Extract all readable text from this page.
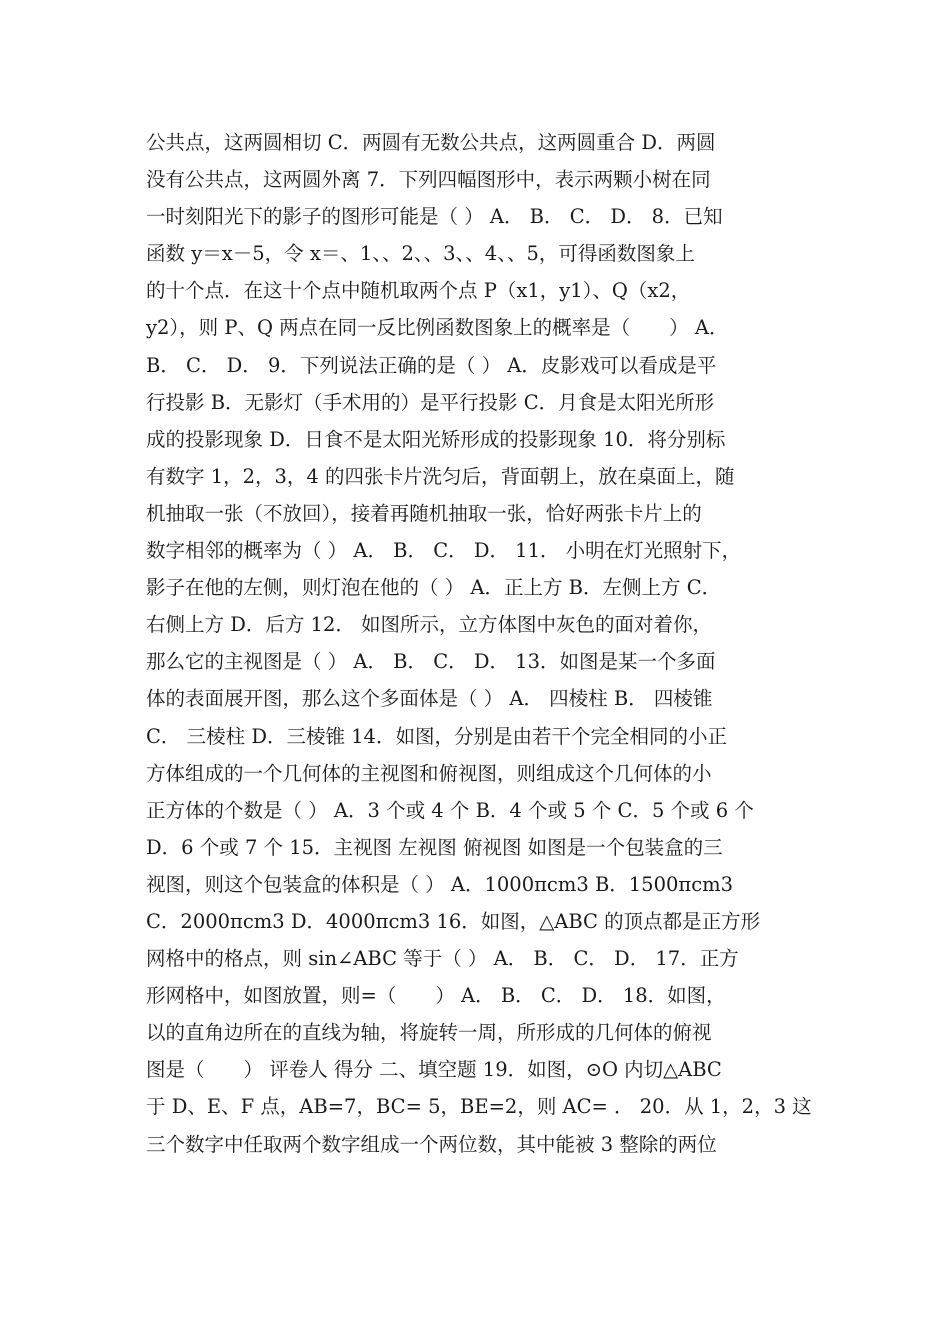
公共点，这两圆相切 C．两圆有无数公共点，这两圆重合 D．两圆
没有公共点，这两圆外离 7．下列四幅图形中，表示两颗小树在同
一时刻阳光下的影子的图形可能是（ ） A． B． C． D． 8．已知
函数 y＝x－5，令 x＝、1、、2、、3、、4、、5，可得函数图象上
的十个点．在这十个点中随机取两个点 P（x1，y1）、Q（x2，
y2），则 P、Q 两点在同一反比例函数图象上的概率是（　　） A．
B． C． D． 9．下列说法正确的是（ ） A．皮影戏可以看成是平
行投影 B．无影灯（手术用的）是平行投影 C．月食是太阳光所形
成的投影现象 D．日食不是太阳光矫形成的投影现象 10．将分别标
有数字 1，2，3，4 的四张卡片洗匀后，背面朝上，放在桌面上，随
机抽取一张（不放回），接着再随机抽取一张，恰好两张卡片上的
数字相邻的概率为（ ） A． B． C． D． 11． 小明在灯光照射下，
影子在他的左侧，则灯泡在他的（ ） A．正上方 B．左侧上方 C．
右侧上方 D．后方 12． 如图所示，立方体图中灰色的面对着你，
那么它的主视图是（ ） A． B． C． D． 13．如图是某一个多面
体的表面展开图，那么这个多面体是（ ） A． 四棱柱 B． 四棱锥
C． 三棱柱 D．三棱锥 14．如图，分别是由若干个完全相同的小正
方体组成的一个几何体的主视图和俯视图，则组成这个几何体的小
正方体的个数是（ ） A．3 个或 4 个 B．4 个或 5 个 C．5 个或 6 个
D．6 个或 7 个 15．主视图 左视图 俯视图 如图是一个包装盒的三
视图，则这个包装盒的体积是（ ） A．1000πcm3 B．1500πcm3
C．2000πcm3 D．4000πcm3 16．如图，△ABC 的顶点都是正方形
网格中的格点，则 sin∠ABC 等于（ ） A． B． C． D． 17．正方
形网格中，如图放置，则=（　　） A． B． C． D． 18．如图，
以的直角边所在的直线为轴，将旋转一周，所形成的几何体的俯视
图是（　　） 评卷人 得分 二、填空题 19．如图，⊙O 内切△ABC
于 D、E、F 点，AB=7，BC= 5，BE=2，则 AC= ． 20．从 1，2，3 这
三个数字中任取两个数字组成一个两位数，其中能被 3 整除的两位
